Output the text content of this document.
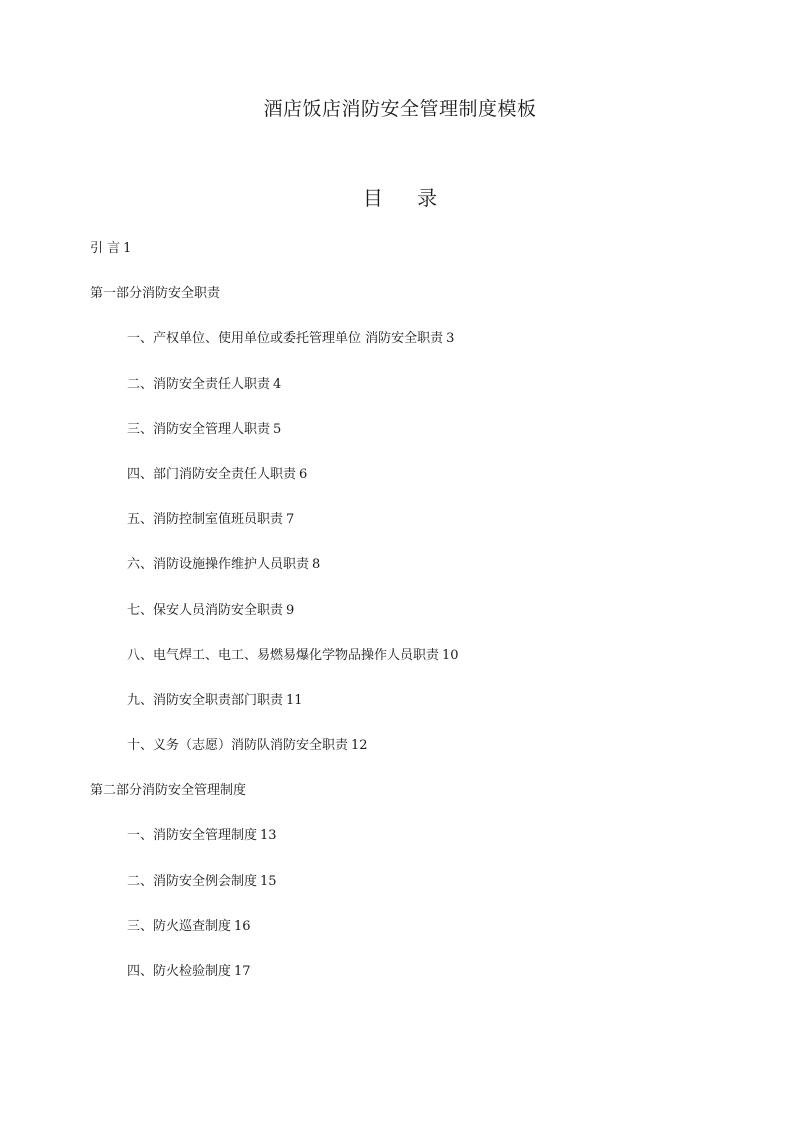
酒店饭店消防安全管理制度模板
目 录
引 言 1
第一部分消防安全职责
一、产权单位、使用单位或委托管理单位 消防安全职责 3
二、消防安全责任人职责 4
三、消防安全管理人职责 5
四、部门消防安全责任人职责 6
五、消防控制室值班员职责 7
六、消防设施操作维护人员职责 8
七、保安人员消防安全职责 9
八、电气焊工、电工、易燃易爆化学物品操作人员职责 10
九、消防安全职责部门职责 11
十、义务（志愿）消防队消防安全职责 12
第二部分消防安全管理制度
一、消防安全管理制度 13
二、消防安全例会制度 15
三、防火巡查制度 16
四、防火检验制度 17
